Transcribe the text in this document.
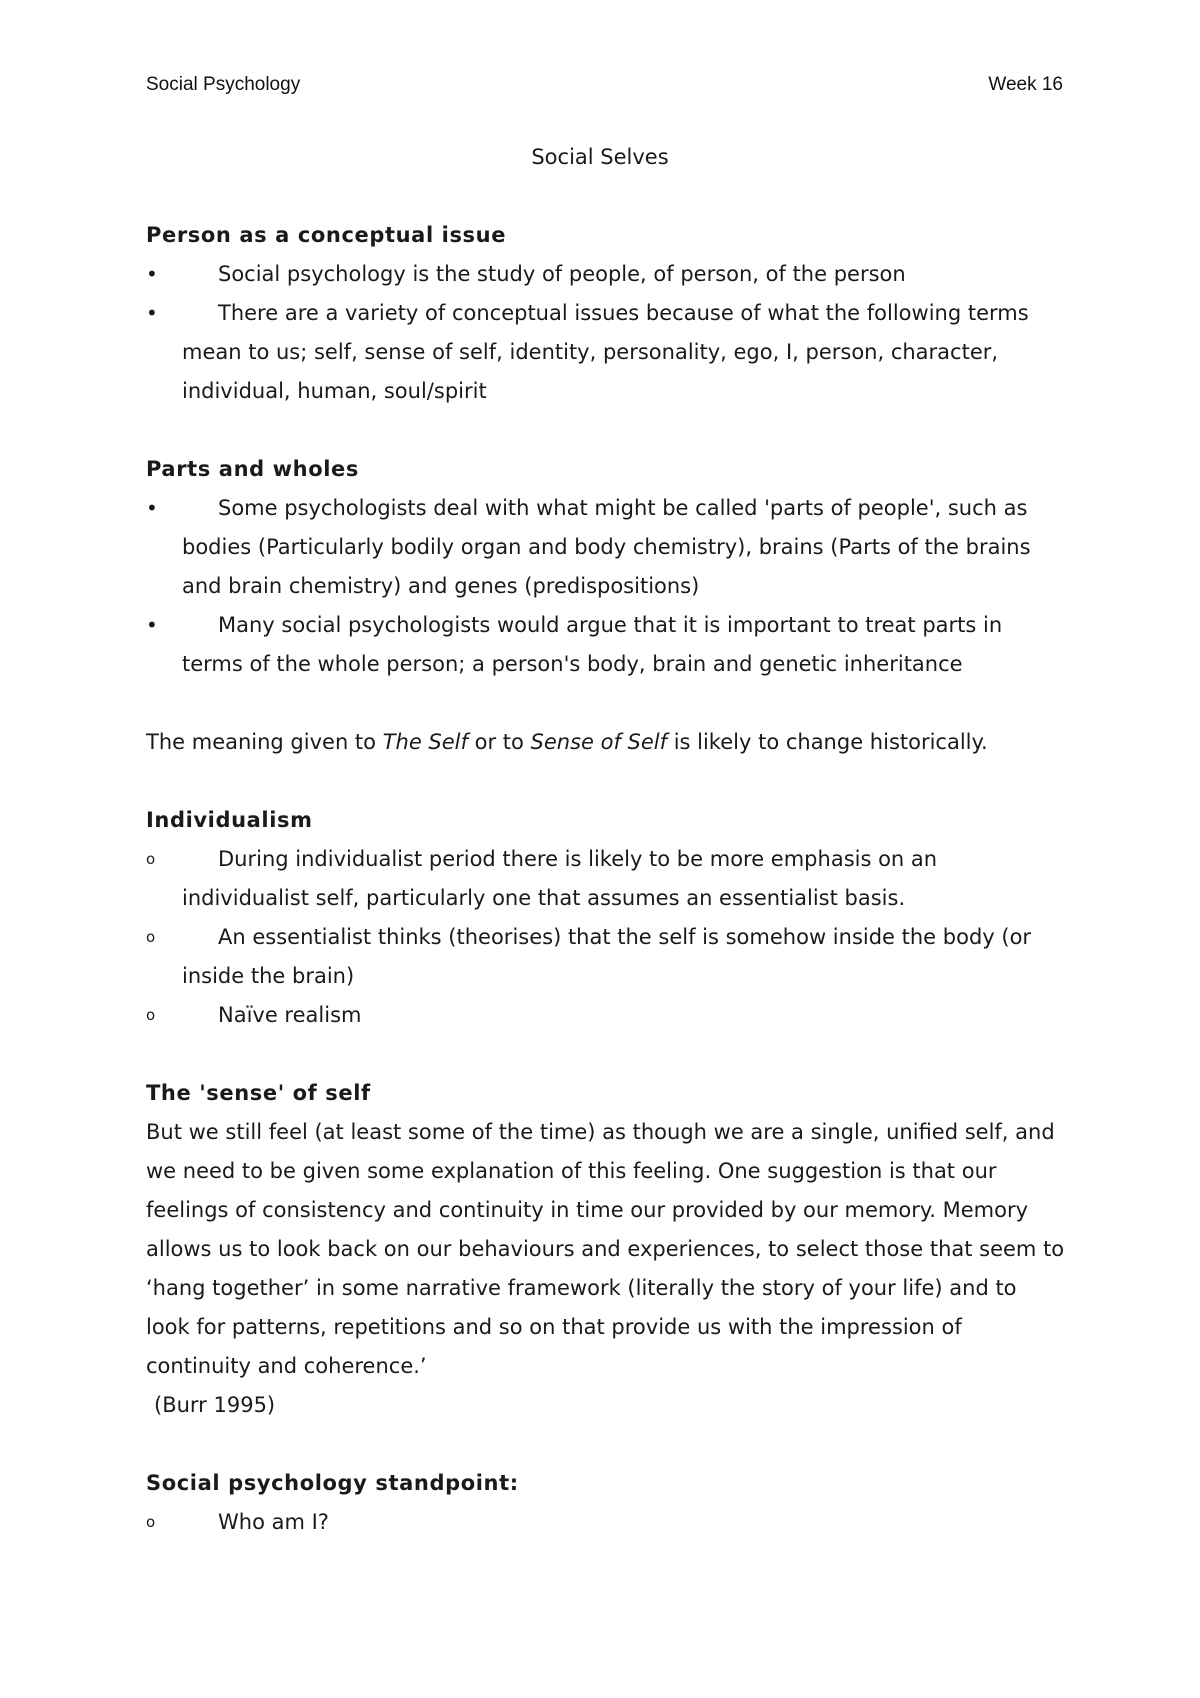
Social Psychology	Week 16
Social Selves
Person as a conceptual issue
•	Social psychology is the study of people, of person, of the person
•	There are a variety of conceptual issues because of what the following terms mean to us; self, sense of self, identity, personality, ego, I, person, character, individual, human, soul/spirit
Parts and wholes
•	Some psychologists deal with what might be called 'parts of people', such as bodies (Particularly bodily organ and body chemistry), brains (Parts of the brains and brain chemistry) and genes (predispositions)
•	Many social psychologists would argue that it is important to treat parts in terms of the whole person; a person's body, brain and genetic inheritance

The meaning given to The Self or to Sense of Self is likely to change historically.

Individualism
o	During individualist period there is likely to be more emphasis on an individualist self, particularly one that assumes an essentialist basis.
o	An essentialist thinks (theorises) that the self is somehow inside the body (or inside the brain)
o	Naïve realism
The 'sense' of self

But we still feel (at least some of the time) as though we are a single, unified self, and we need to be given some explanation of this feeling. One suggestion is that our feelings of consistency and continuity in time our provided by our memory. Memory allows us to look back on our behaviours and experiences, to select those that seem to ‘hang together’ in some narrative framework (literally the story of your life) and to look for patterns, repetitions and so on that provide us with the impression of continuity and coherence.’

(Burr 1995)

Social psychology standpoint:
o	Who am I?
